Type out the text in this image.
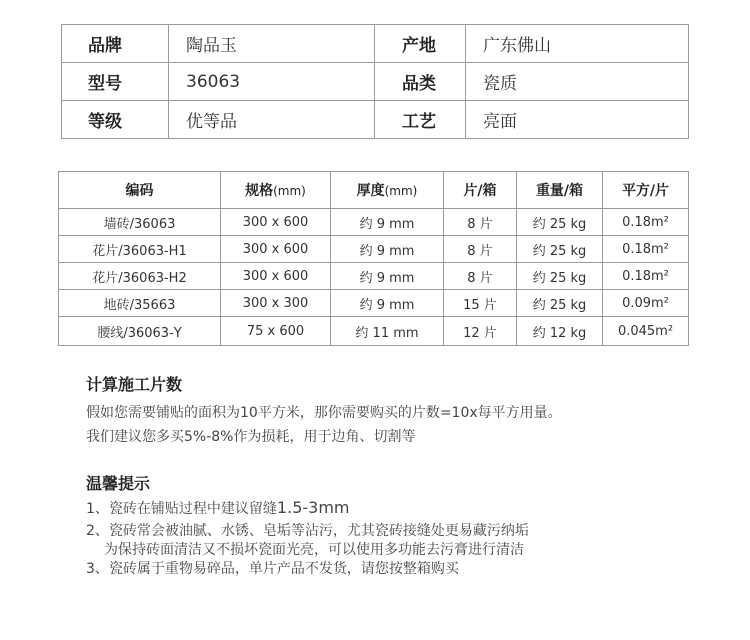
品牌	陶品玉	产地	广东佛山
型号	36063	品类	瓷质
等级	优等品	工艺	亮面
编码	规格(mm)	厚度(mm)	片/箱	重量/箱	平方/片
墙砖/36063	300 x 600	约 9 mm	8 片	约 25 kg	0.18m²
花片/36063-H1	300 x 600	约 9 mm	8 片	约 25 kg	0.18m²
花片/36063-H2	300 x 600	约 9 mm	8 片	约 25 kg	0.18m²
地砖/35663	300 x 300	约 9 mm	15 片	约 25 kg	0.09m²
腰线/36063-Y	75 x 600	约 11 mm	12 片	约 12 kg	0.045m²
计算施工片数
假如您需要铺贴的面积为10平方米，那你需要购买的片数=10x每平方用量。
我们建议您多买5%-8%作为损耗，用于边角、切割等
温馨提示
1、瓷砖在铺贴过程中建议留缝1.5-3mm
2、瓷砖常会被油腻、水锈、皂垢等沾污，尤其瓷砖接缝处更易藏污纳垢
为保持砖面清洁又不损坏瓷面光亮，可以使用多功能去污膏进行清洁
3、瓷砖属于重物易碎品，单片产品不发货，请您按整箱购买
